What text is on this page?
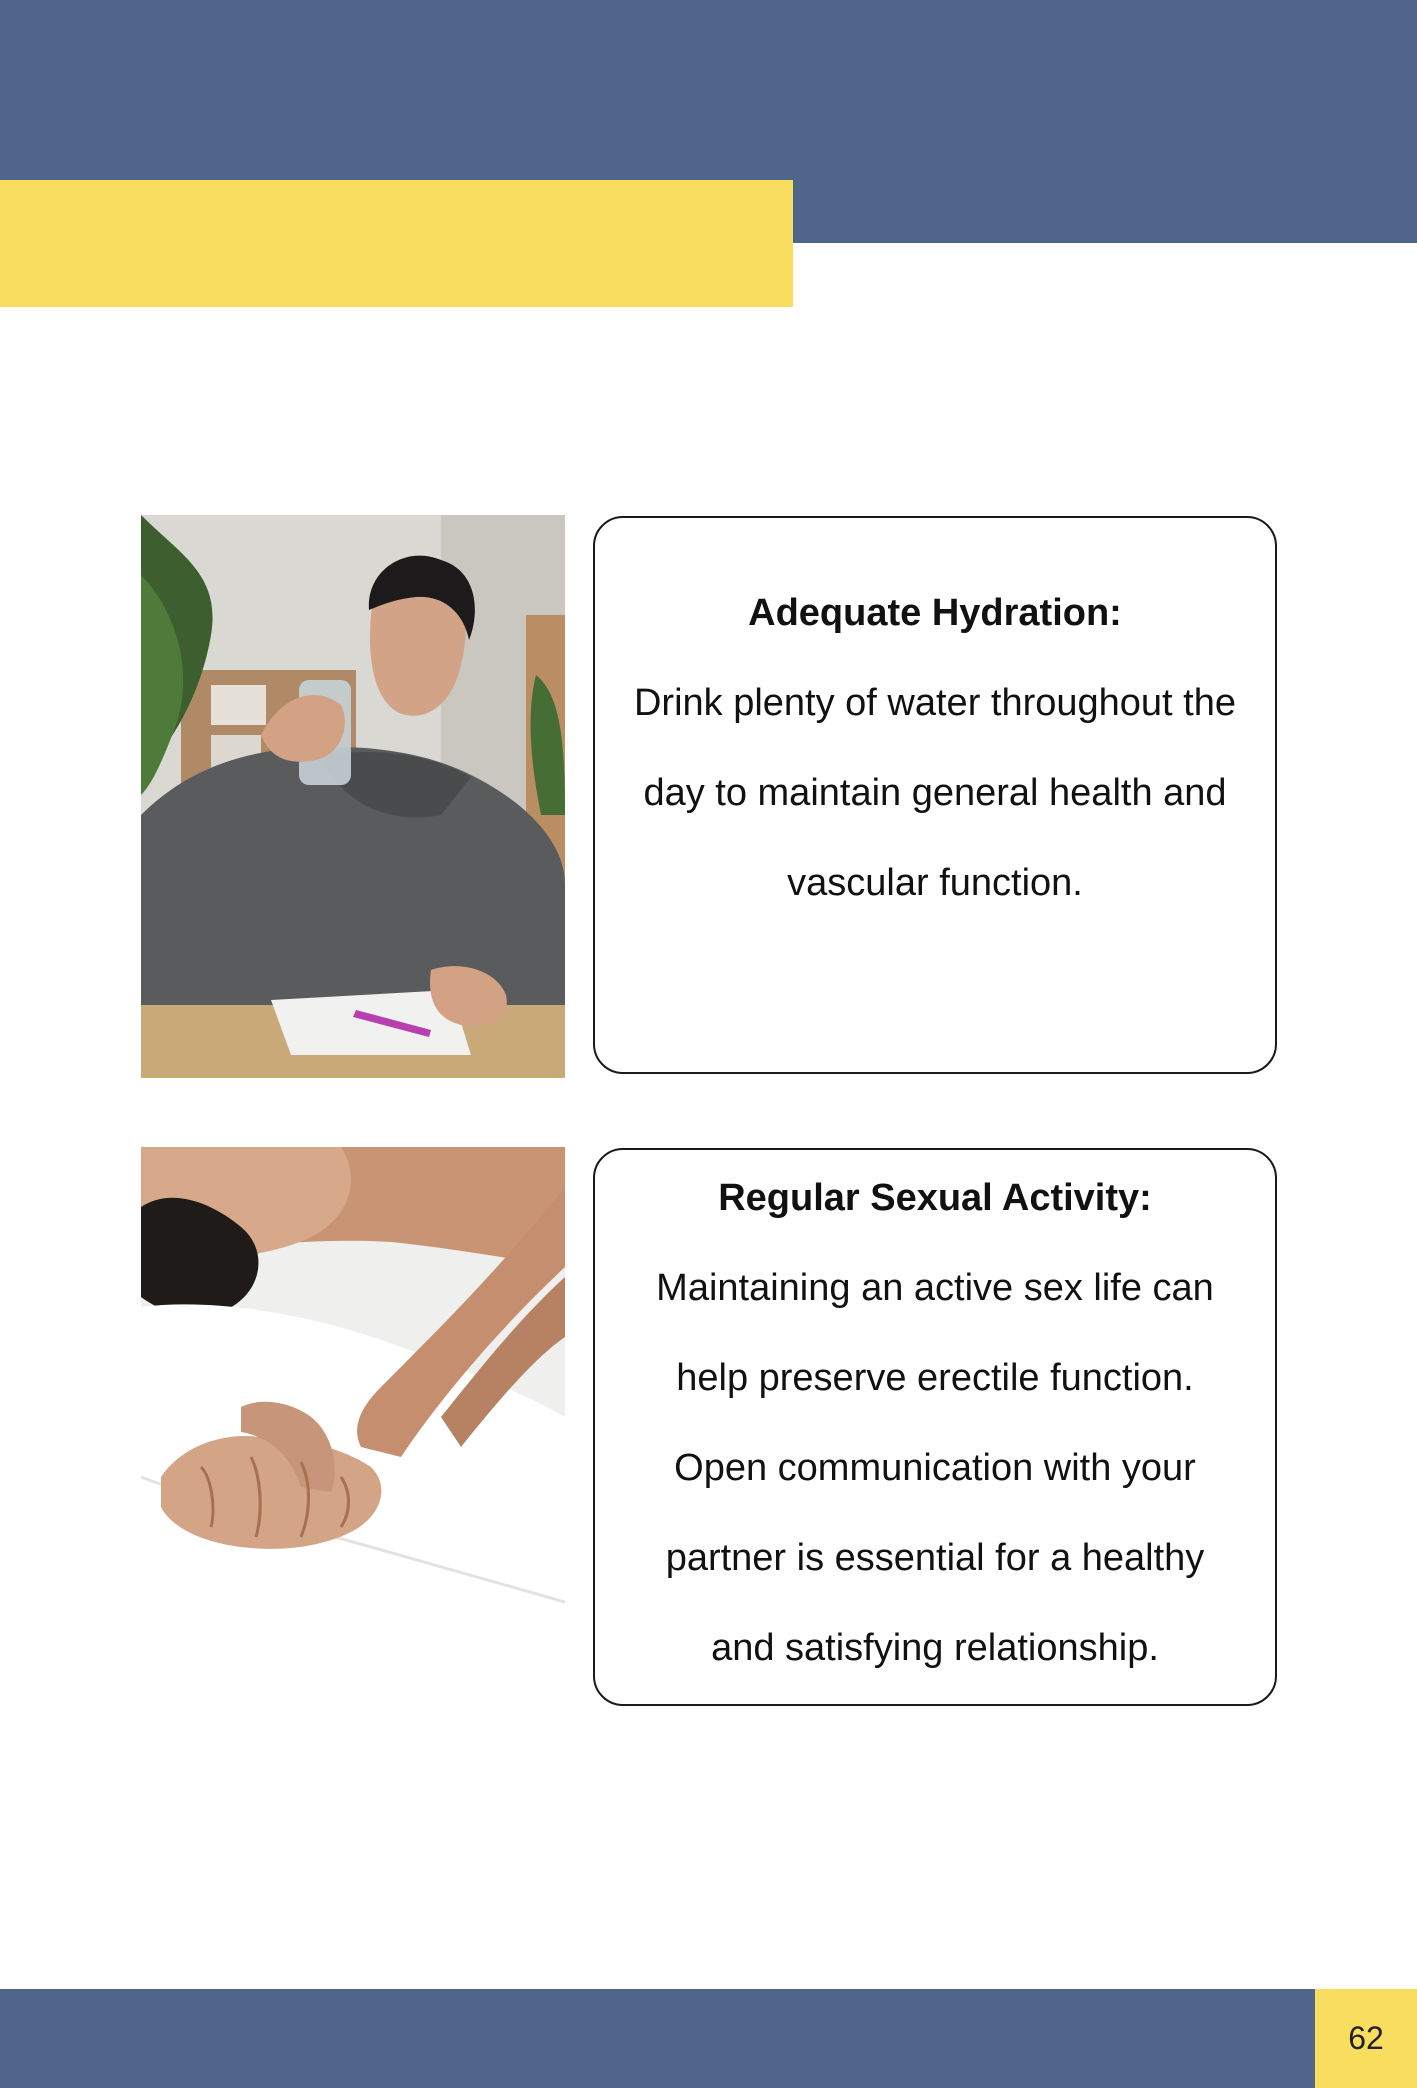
Adequate Hydration:

Drink plenty of water throughout the

day to maintain general health and

vascular function.

Regular Sexual Activity:

Maintaining an active sex life can

help preserve erectile function.

Open communication with your

partner is essential for a healthy

and satisfying relationship.

62
